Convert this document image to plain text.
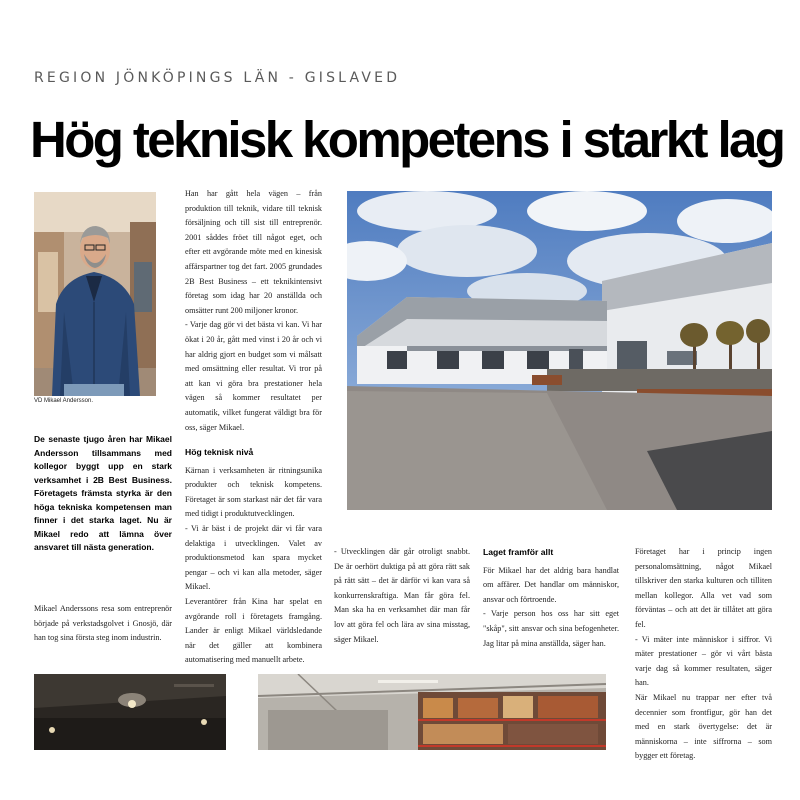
REGION JÖNKÖPINGS LÄN - GISLAVED
Hög teknisk kompetens i starkt lag
VD Mikael Andersson.
De senaste tjugo åren har Mikael Andersson tillsammans med kollegor byggt upp en stark verksamhet i 2B Best Business. Företagets främsta styrka är den höga tekniska kompetensen man finner i det starka laget. Nu är Mikael redo att lämna över ansvaret till nästa generation.

Mikael Anderssons resa som entreprenör började på verkstadsgolvet i Gnosjö, där han tog sina första steg inom industrin.

Han har gått hela vägen – från produktion till teknik, vidare till teknisk försäljning och till sist till entreprenör. 2001 såddes fröet till något eget, och efter ett avgörande möte med en kinesisk affärspartner tog det fart. 2005 grundades 2B Best Business – ett teknikintensivt företag som idag har 20 anställda och omsätter runt 200 miljoner kronor.

- Varje dag gör vi det bästa vi kan. Vi har ökat i 20 år, gått med vinst i 20 år och vi har aldrig gjort en budget som vi målsatt med omsättning eller resultat. Vi tror på att kan vi göra bra prestationer hela vägen så kommer resultatet per automatik, vilket fungerat väldigt bra för oss, säger Mikael.

Hög teknisk nivå

Kärnan i verksamheten är ritningsunika produkter och teknisk kompetens. Företaget är som starkast när det får vara med tidigt i produktutvecklingen.

- Vi är bäst i de projekt där vi får vara delaktiga i utvecklingen. Valet av produktionsmetod kan spara mycket pengar – och vi kan alla metoder, säger Mikael.

Leverantörer från Kina har spelat en avgörande roll i företagets framgång. Lander är enligt Mikael världsledande när det gäller att kombinera automatisering med manuellt arbete.

- Utvecklingen där går otroligt snabbt. De är oerhört duktiga på att göra rätt sak på rätt sätt – det är därför vi kan vara så konkurrenskraftiga. Man får göra fel. Man ska ha en verksamhet där man får lov att göra fel och lära av sina misstag, säger Mikael.

Laget framför allt

För Mikael har det aldrig bara handlat om affärer. Det handlar om människor, ansvar och förtroende.

- Varje person hos oss har sitt eget "skåp", sitt ansvar och sina befogenheter. Jag litar på mina anställda, säger han.

Företaget har i princip ingen personalomsättning, något Mikael tillskriver den starka kulturen och tilliten mellan kollegor. Alla vet vad som förväntas – och att det är tillåtet att göra fel.

- Vi mäter inte människor i siffror. Vi mäter prestationer – gör vi vårt bästa varje dag så kommer resultaten, säger han.

När Mikael nu trappar ner efter två decennier som frontfigur, gör han det med en stark övertygelse: det är människorna – inte siffrorna – som bygger ett företag.
